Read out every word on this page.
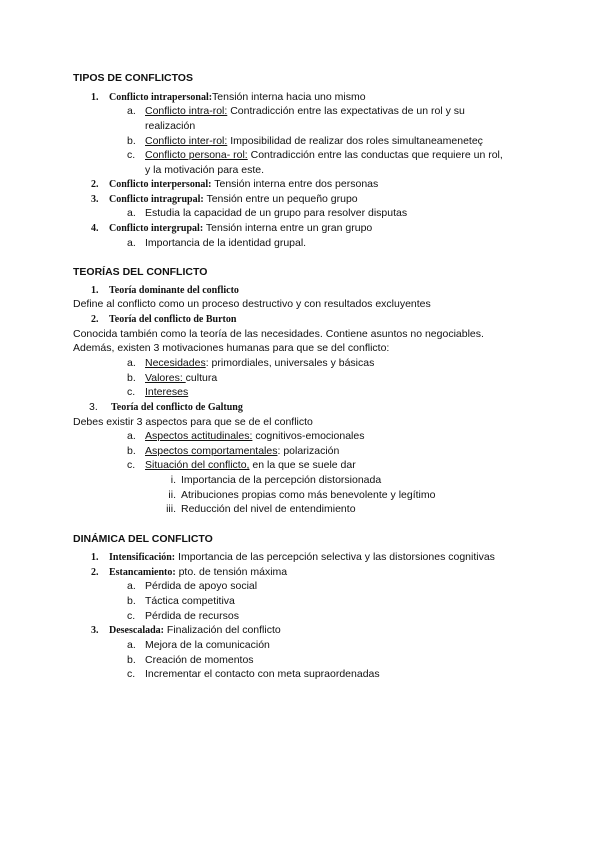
TIPOS DE CONFLICTOS
1. Conflicto intrapersonal:Tensión interna hacia uno mismo
a. Conflicto intra-rol: Contradicción entre las expectativas de un rol y su
realización
b. Conflicto inter-rol: Imposibilidad de realizar dos roles simultaneameneteç
c. Conflicto persona- rol: Contradicción entre las conductas que requiere un rol,
y la motivación para este.
2. Conflicto interpersonal: Tensión interna entre dos personas
3. Conflicto intragrupal: Tensión entre un pequeño grupo
a. Estudia la capacidad de un grupo para resolver disputas
4. Conflicto intergrupal: Tensión interna entre un gran grupo
a. Importancia de la identidad grupal.
TEORÍAS DEL CONFLICTO
1. Teoría dominante del conflicto
Define al conflicto como un proceso destructivo y con resultados excluyentes
2. Teoría del conflicto de Burton
Conocida también como la teoría de las necesidades. Contiene asuntos no negociables.
Además, existen 3 motivaciones humanas para que se del conflicto:
a. Necesidades: primordiales, universales y básicas
b. Valores: cultura
c. Intereses
3. Teoría del conflicto de Galtung
Debes existir 3 aspectos para que se de el conflicto
a. Aspectos actitudinales: cognitivos-emocionales
b. Aspectos comportamentales: polarización
c. Situación del conflicto, en la que se suele dar
i. Importancia de la percepción distorsionada
ii. Atribuciones propias como más benevolente y legítimo
iii. Reducción del nivel de entendimiento
DINÁMICA DEL CONFLICTO
1. Intensificación: Importancia de las percepción selectiva y las distorsiones cognitivas
2. Estancamiento: pto. de tensión máxima
a. Pérdida de apoyo social
b. Táctica competitiva
c. Pérdida de recursos
3. Desescalada: Finalización del conflicto
a. Mejora de la comunicación
b. Creación de momentos
c. Incrementar el contacto con meta supraordenadas
